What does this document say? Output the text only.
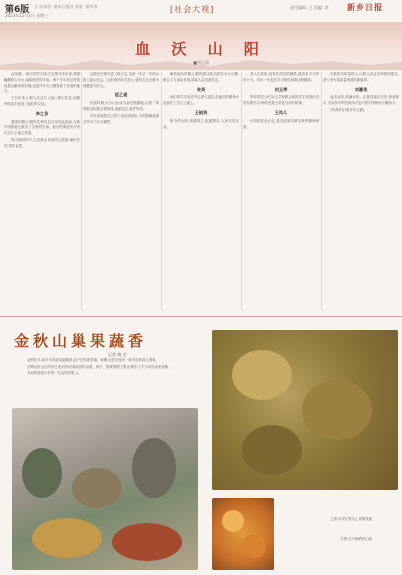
第6版
2023年11月1日 星期三
主 办单位: 新乡日报社 社址: 新乡市	[社会大观]	责任编辑: 王 美编: 李 新乡日报
血 沃 山 阳
■刘玉清

山阳城,一座历史的古城,它在焦作市东部,背靠巍峨的太行山,南临肥沃的平原。两千多年前这里曾经是汉献帝的封地,也是许多文人墨客留下足迹的地方。

千百年来,山阳人在这片土地上繁衍生息,用勤劳的双手创造了灿烂的文化。

李之言

建国初期,山阳的先辈们在这里浴血奋战,为新中国的诞生献出了宝贵的生命。他们的事迹至今仍在这片土地上传颂。

每当清明时节,人们都会来到烈士陵园,缅怀先烈,寄托哀思。

这段历史被写进了地方志,也被一代又一代的山阳人铭记在心。山阳城外的古道上,曾经走过无数为理想奋斗的人。

延之道

抗战时期,太行山区成为敌后根据地,山阳一带的群众积极支援前线,送粮送衣,救护伤员。

许多家庭把自己的子弟送到部队,为民族解放事业作出了巨大牺牲。

解放战争时期,山阳的游击队活跃在太行山麓,配合主力部队作战,给敌人以沉重打击。

张英

他们的名字也许早已被人遗忘,但他们的精神永远留在了这片土地上。

王晓英

如今的山阳,高楼林立,街道整洁,人民安居乐业。

老人们常说,没有先烈们的牺牲,就没有今天的好日子。年轻一代也在学习和传承着这种精神。

何玉琴

每年的烈士纪念日,学校都会组织学生来到纪念馆参观学习,聆听老战士讲述当年的故事。

王凤儿

山阳的红色记忆,是这座城市最宝贵的精神财富。

在新时代的征程上,山阳人民正以昂扬的姿态,奋力书写高质量发展的新篇章。

刘嘉英

血沃山阳,英魂永驻。让我们铭记历史,珍爱和平,为实现中华民族伟大复兴的中国梦而不懈奋斗。

(作者单位:焦作市文联)

金秋山巢果蔬香
记者 杨 芸

金秋时节,新乡市各地瓜果飘香,农户们忙着采摘、晾晒,处处呈现出一派丰收的喜人景象。

在辉县市山区的村庄里,村民们将收获的山楂、柿子、核桃等摆上集市,吸引了不少市民前来选购。

丰收的喜悦写在每一位农民的脸上。

上图:市民在集市上选购果蔬
右图:农户晾晒的山楂
